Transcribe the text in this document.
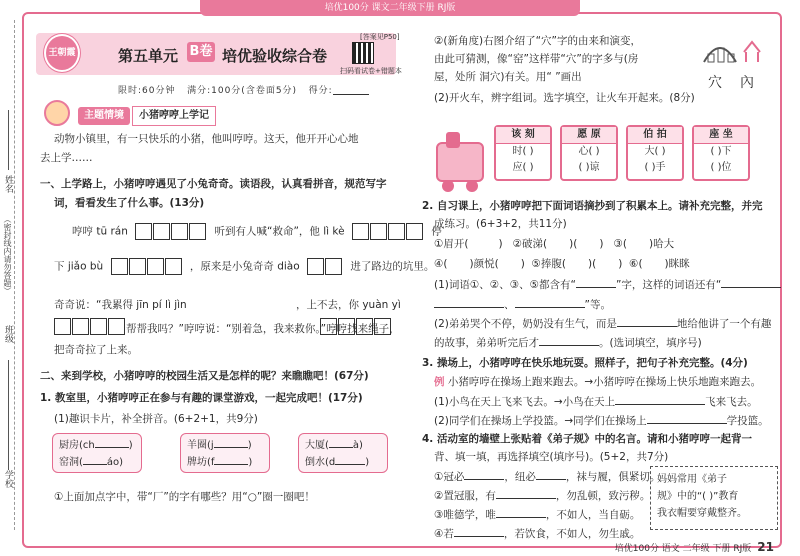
培优100分 课文二年级下册 RJ版
姓名
（密封线内请勿答题）
班级
学校
王朝霞	第五单元 B卷 培优验收综合卷
[答案见P50]
扫码看试卷+错题本
限时:60分钟 满分:100分(含卷面5分) 得分:
主题情境	小猪哼哼上学记

动物小镇里，有一只快乐的小猪，他叫哼哼。这天，他开开心心地

去上学……

一、上学路上，小猪哼哼遇见了小兔奇奇。读语段，认真看拼音，规范写字

词，看看发生了什么事。(13分)

哼哼 tū rán	听到有人喊“救命”，他 lì kè	停

下 jiǎo bù	，原来是小兔奇奇 diào	进了路边的坑里。

奇奇说：“我累得 jīn pí lì jìn	，上不去，你 yuàn yì

帮帮我吗？”哼哼说：“别着急，我来救你。”哼哼找来绳子，

把奇奇拉了上来。

二、来到学校，小猪哼哼的校园生活又是怎样的呢？来瞧瞧吧！(67分)

1. 教室里，小猪哼哼正在参与有趣的课堂游戏，一起完成吧！(17分)

(1)趣识卡片，补全拼音。(6+2+1，共9分)

厨房(ch	)
窑洞( áo)
羊圈(j	)
牌坊(f	)
大厦( à)
倒水(d	)

①上面加点字中，带“厂”的字有哪些？用“○”圈一圈吧！

②(新角度)右图介绍了“穴”字的由来和演变，

由此可猜测，像“窑”这样带“穴”的字多与(房

屋，处所 洞穴)有关。用“ ”画出

(2)开火车，辨字组词。选字填空，让火车开起来。(8分)

穴 內
该 刻
时( )
应( )
愿 原
心( )
( )谅
伯 拍
大( )
( )手
座 坐
( )下
( )位

2. 自习课上，小猪哼哼把下面词语摘抄到了积累本上。请补充完整，并完

成练习。(6+3+2，共11分)

①眉开(	) ②破涕( )( ) ③( )哈大

④( )颜悦( ) ⑤捧腹( )( ) ⑥( )眯眯

(1)词语①、②、③、⑤都含有“	”字，这样的词语还有“

、	”等。

(2)弟弟哭个不停，奶奶没有生气，而是	地给他讲了一个有趣

的故事，弟弟听完后才	。(选词填空，填序号)

3. 操场上，小猪哼哼在快乐地玩耍。照样子，把句子补充完整。(4分)

例 小猪哼哼在操场上跑来跑去。→小猪哼哼在操场上快乐地跑来跑去。

(1)小鸟在天上飞来飞去。→小鸟在天上	飞来飞去。

(2)同学们在操场上学投篮。→同学们在操场上	学投篮。

4. 活动室的墙壁上张贴着《弟子规》中的名言。请和小猪哼哼一起背一

背、填一填，再选择填空(填序号)。(5+2，共7分)

①冠必	，纽必	，袜与履，俱紧切。

②置冠服，有	，勿乱顿，致污秽。

③唯德学，唯	，不如人，当自砺。

④若	，若饮食，不如人，勿生戚。

妈妈常用《弟子
规》中的“( )”教育
我衣帽要穿戴整齐。
培优100分 语文 二年级 下册 RJ版 21
